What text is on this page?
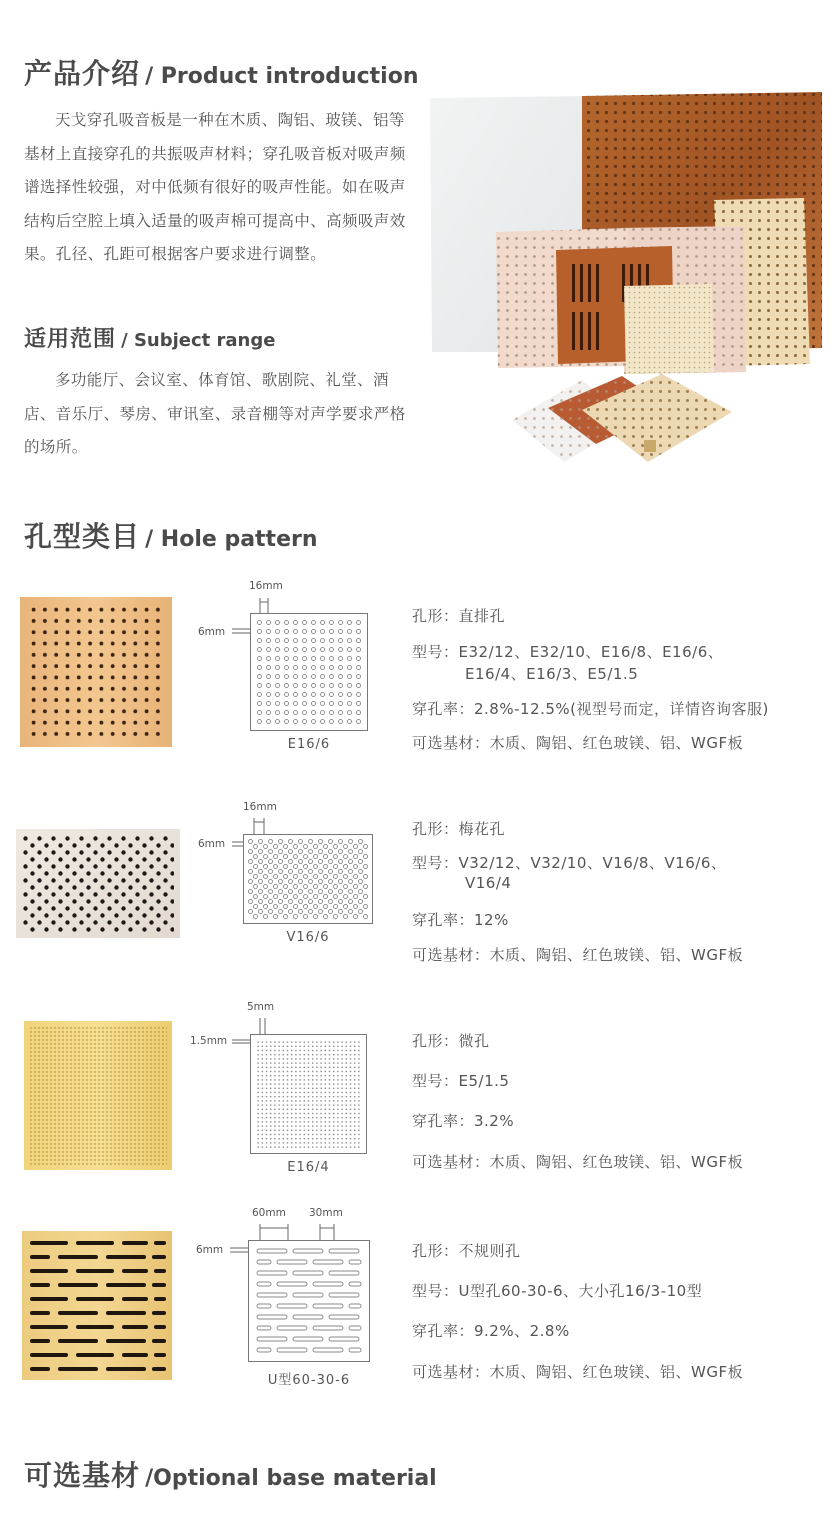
产品介绍 / Product introduction
天戈穿孔吸音板是一种在木质、陶铝、玻镁、铝等基材上直接穿孔的共振吸声材料；穿孔吸音板对吸声频谱选择性较强，对中低频有很好的吸声性能。如在吸声结构后空腔上填入适量的吸声棉可提高中、高频吸声效果。孔径、孔距可根据客户要求进行调整。
适用范围 / Subject range
多功能厅、会议室、体育馆、歌剧院、礼堂、酒店、音乐厅、琴房、审讯室、录音棚等对声学要求严格的场所。
孔型类目 / Hole pattern
16mm
6mm
E16/6
孔形：直排孔
型号：E32/12、E32/10、E16/8、E16/6、
E16/4、E16/3、E5/1.5
穿孔率：2.8%-12.5%(视型号而定，详情咨询客服)
可选基材：木质、陶铝、红色玻镁、铝、WGF板
16mm
6mm
V16/6
孔形：梅花孔
型号：V32/12、V32/10、V16/8、V16/6、
V16/4
穿孔率：12%
可选基材：木质、陶铝、红色玻镁、铝、WGF板
5mm
1.5mm
E16/4
孔形：微孔
型号：E5/1.5
穿孔率：3.2%
可选基材：木质、陶铝、红色玻镁、铝、WGF板
60mm 30mm
6mm
U型60-30-6
孔形：不规则孔
型号：U型孔60-30-6、大小孔16/3-10型
穿孔率：9.2%、2.8%
可选基材：木质、陶铝、红色玻镁、铝、WGF板
可选基材 /Optional base material
